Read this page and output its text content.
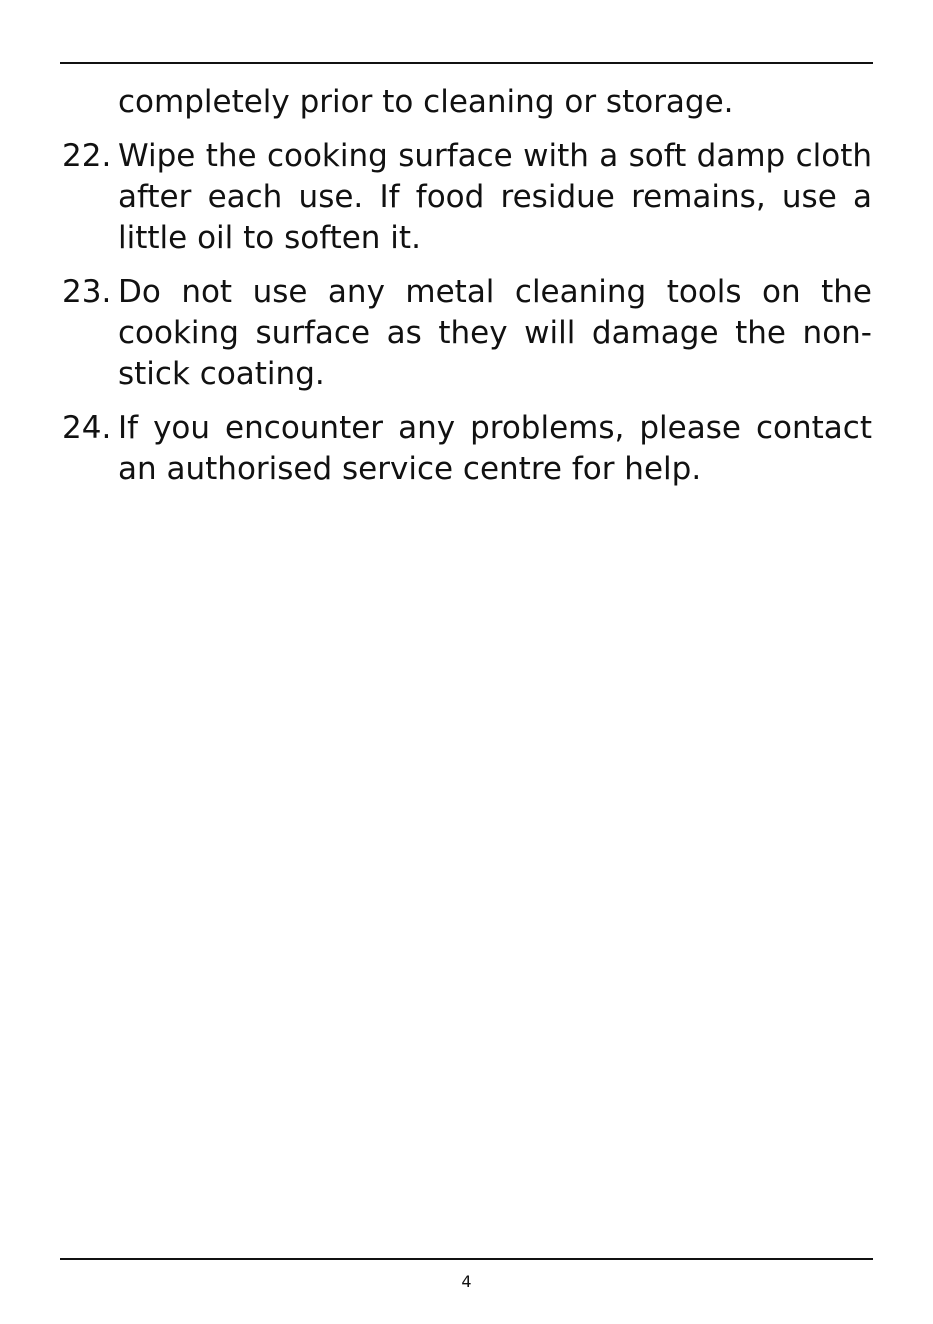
completely prior to cleaning or storage.
22. Wipe the cooking surface with a soft damp cloth after each use. If food residue remains, use a little oil to soften it.
23. Do not use any metal cleaning tools on the cooking surface as they will damage the non-stick coating.
24. If you encounter any problems, please contact an authorised service centre for help.
4
